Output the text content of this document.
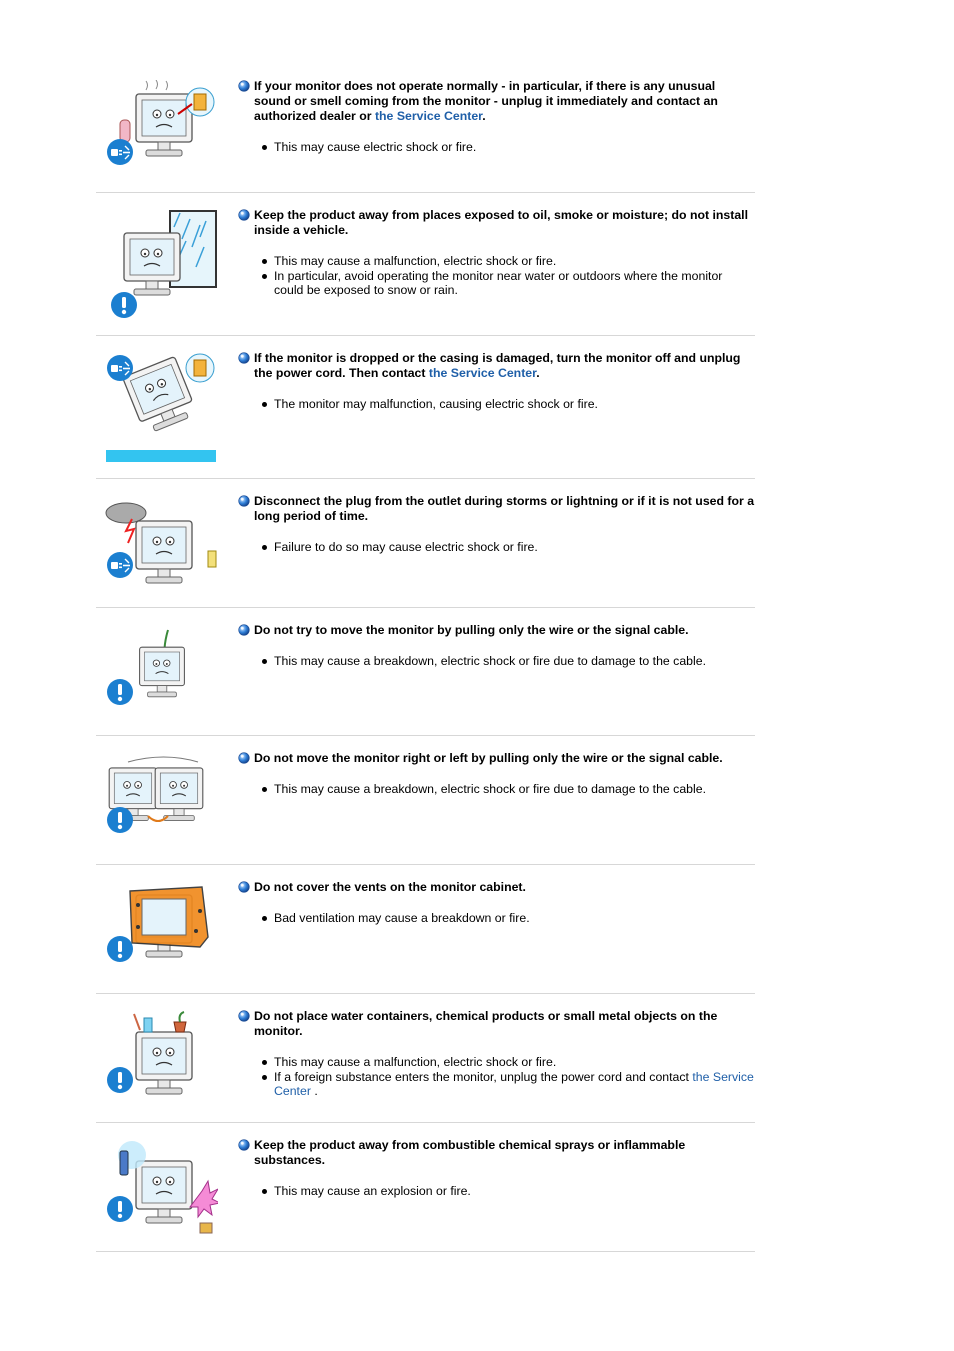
If your monitor does not operate normally - in particular, if there is any unusual sound or smell coming from the monitor - unplug it immediately and contact an authorized dealer or the Service Center.

This may cause electric shock or fire.

Keep the product away from places exposed to oil, smoke or moisture; do not install inside a vehicle.

This may cause a malfunction, electric shock or fire.
In particular, avoid operating the monitor near water or outdoors where the monitor could be exposed to snow or rain.

If the monitor is dropped or the casing is damaged, turn the monitor off and unplug the power cord. Then contact the Service Center.

The monitor may malfunction, causing electric shock or fire.

Disconnect the plug from the outlet during storms or lightning or if it is not used for a long period of time.

Failure to do so may cause electric shock or fire.

Do not try to move the monitor by pulling only the wire or the signal cable.

This may cause a breakdown, electric shock or fire due to damage to the cable.

Do not move the monitor right or left by pulling only the wire or the signal cable.

This may cause a breakdown, electric shock or fire due to damage to the cable.

Do not cover the vents on the monitor cabinet.

Bad ventilation may cause a breakdown or fire.

Do not place water containers, chemical products or small metal objects on the monitor.

This may cause a malfunction, electric shock or fire.
If a foreign substance enters the monitor, unplug the power cord and contact the Service Center .

Keep the product away from combustible chemical sprays or inflammable substances.

This may cause an explosion or fire.
